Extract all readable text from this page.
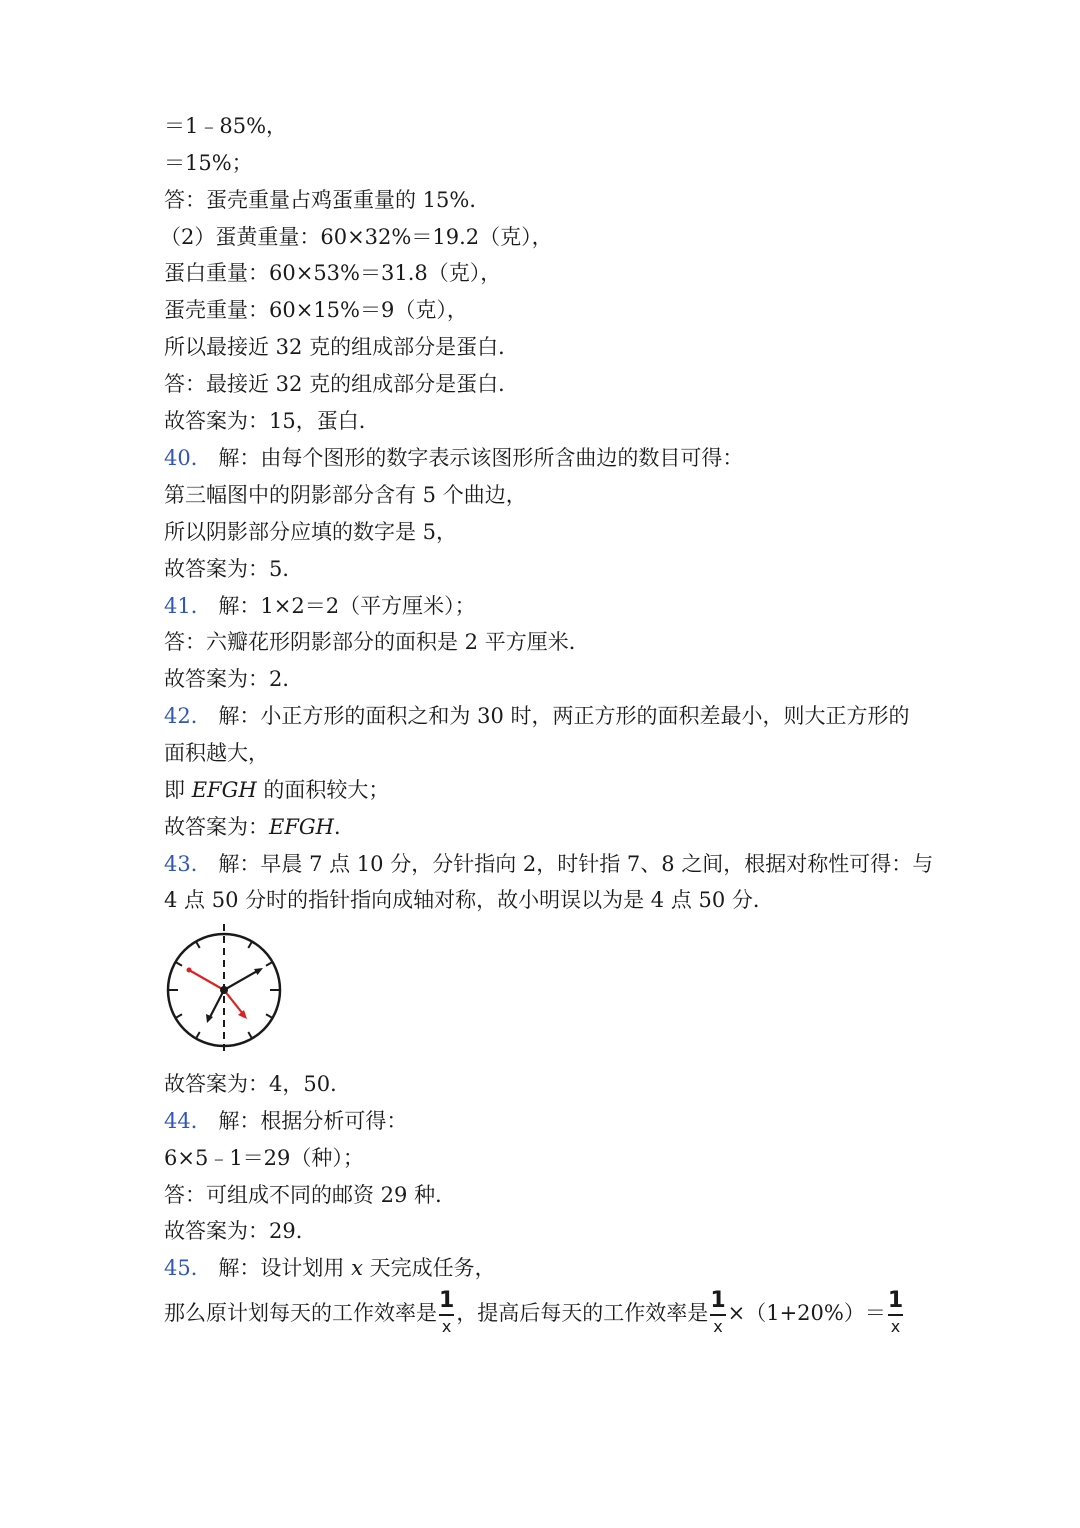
＝1﹣85%，
＝15%；
答：蛋壳重量占鸡蛋重量的 15%．
（2）蛋黄重量：60×32%＝19.2（克），
蛋白重量：60×53%＝31.8（克），
蛋壳重量：60×15%＝9（克），
所以最接近 32 克的组成部分是蛋白．
答：最接近 32 克的组成部分是蛋白．
故答案为：15，蛋白．
40． 解：由每个图形的数字表示该图形所含曲边的数目可得：
第三幅图中的阴影部分含有 5 个曲边，
所以阴影部分应填的数字是 5，
故答案为：5．
41． 解：1×2＝2（平方厘米）；
答：六瓣花形阴影部分的面积是 2 平方厘米．
故答案为：2．
42． 解：小正方形的面积之和为 30 时，两正方形的面积差最小，则大正方形的
面积越大，
即 EFGH 的面积较大；
故答案为：EFGH．
43． 解：早晨 7 点 10 分，分针指向 2，时针指 7、8 之间，根据对称性可得：与
4 点 50 分时的指针指向成轴对称，故小明误以为是 4 点 50 分．
故答案为：4，50．
44． 解：根据分析可得：
6×5﹣1＝29（种）；
答：可组成不同的邮资 29 种．
故答案为：29．
45． 解：设计划用 x 天完成任务，
那么原计划每天的工作效率是 $\frac{1}{x}$ ，提高后每天的工作效率是 $\frac{1}{x} \times(1+20\%)= \frac{1}{x}$
